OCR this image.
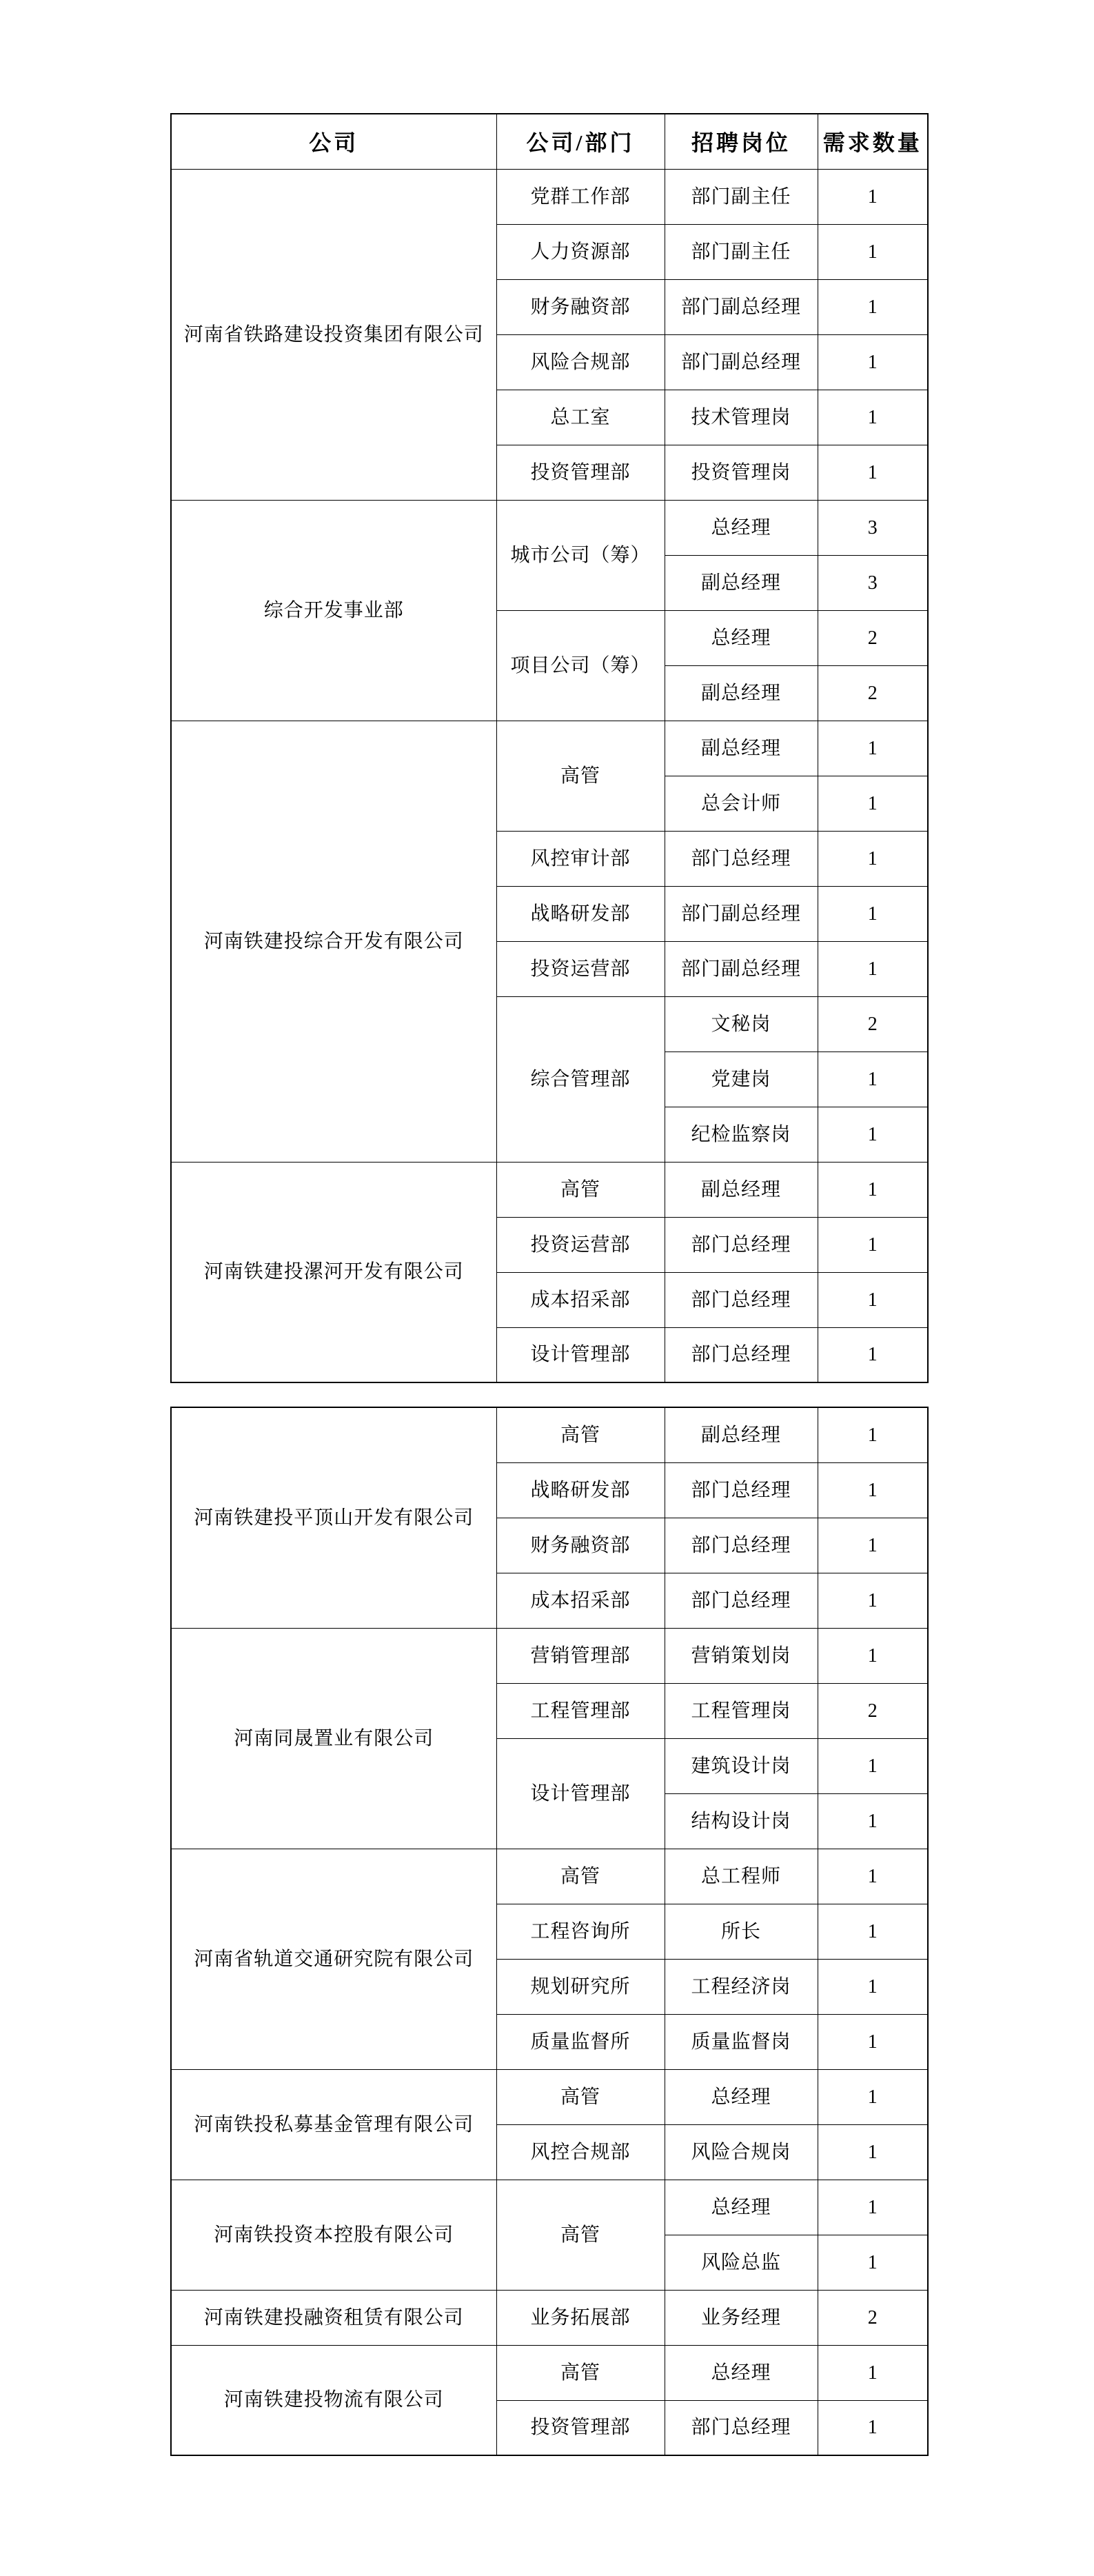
公司	公司/部门	招聘岗位	需求数量
河南省铁路建设投资集团有限公司	党群工作部	部门副主任	1
	人力资源部	部门副主任	1
	财务融资部	部门副总经理	1
	风险合规部	部门副总经理	1
	总工室	技术管理岗	1
	投资管理部	投资管理岗	1
综合开发事业部	城市公司（筹）	总经理	3
		副总经理	3
	项目公司（筹）	总经理	2
		副总经理	2
河南铁建投综合开发有限公司	高管	副总经理	1
		总会计师	1
	风控审计部	部门总经理	1
	战略研发部	部门副总经理	1
	投资运营部	部门副总经理	1
	综合管理部	文秘岗	2
		党建岗	1
		纪检监察岗	1
河南铁建投漯河开发有限公司	高管	副总经理	1
	投资运营部	部门总经理	1
	成本招采部	部门总经理	1
	设计管理部	部门总经理	1
河南铁建投平顶山开发有限公司	高管	副总经理	1
	战略研发部	部门总经理	1
	财务融资部	部门总经理	1
	成本招采部	部门总经理	1
河南同晟置业有限公司	营销管理部	营销策划岗	1
	工程管理部	工程管理岗	2
	设计管理部	建筑设计岗	1
		结构设计岗	1
河南省轨道交通研究院有限公司	高管	总工程师	1
	工程咨询所	所长	1
	规划研究所	工程经济岗	1
	质量监督所	质量监督岗	1
河南铁投私募基金管理有限公司	高管	总经理	1
	风控合规部	风险合规岗	1
河南铁投资本控股有限公司	高管	总经理	1
		风险总监	1
河南铁建投融资租赁有限公司	业务拓展部	业务经理	2
河南铁建投物流有限公司	高管	总经理	1
	投资管理部	部门总经理	1
